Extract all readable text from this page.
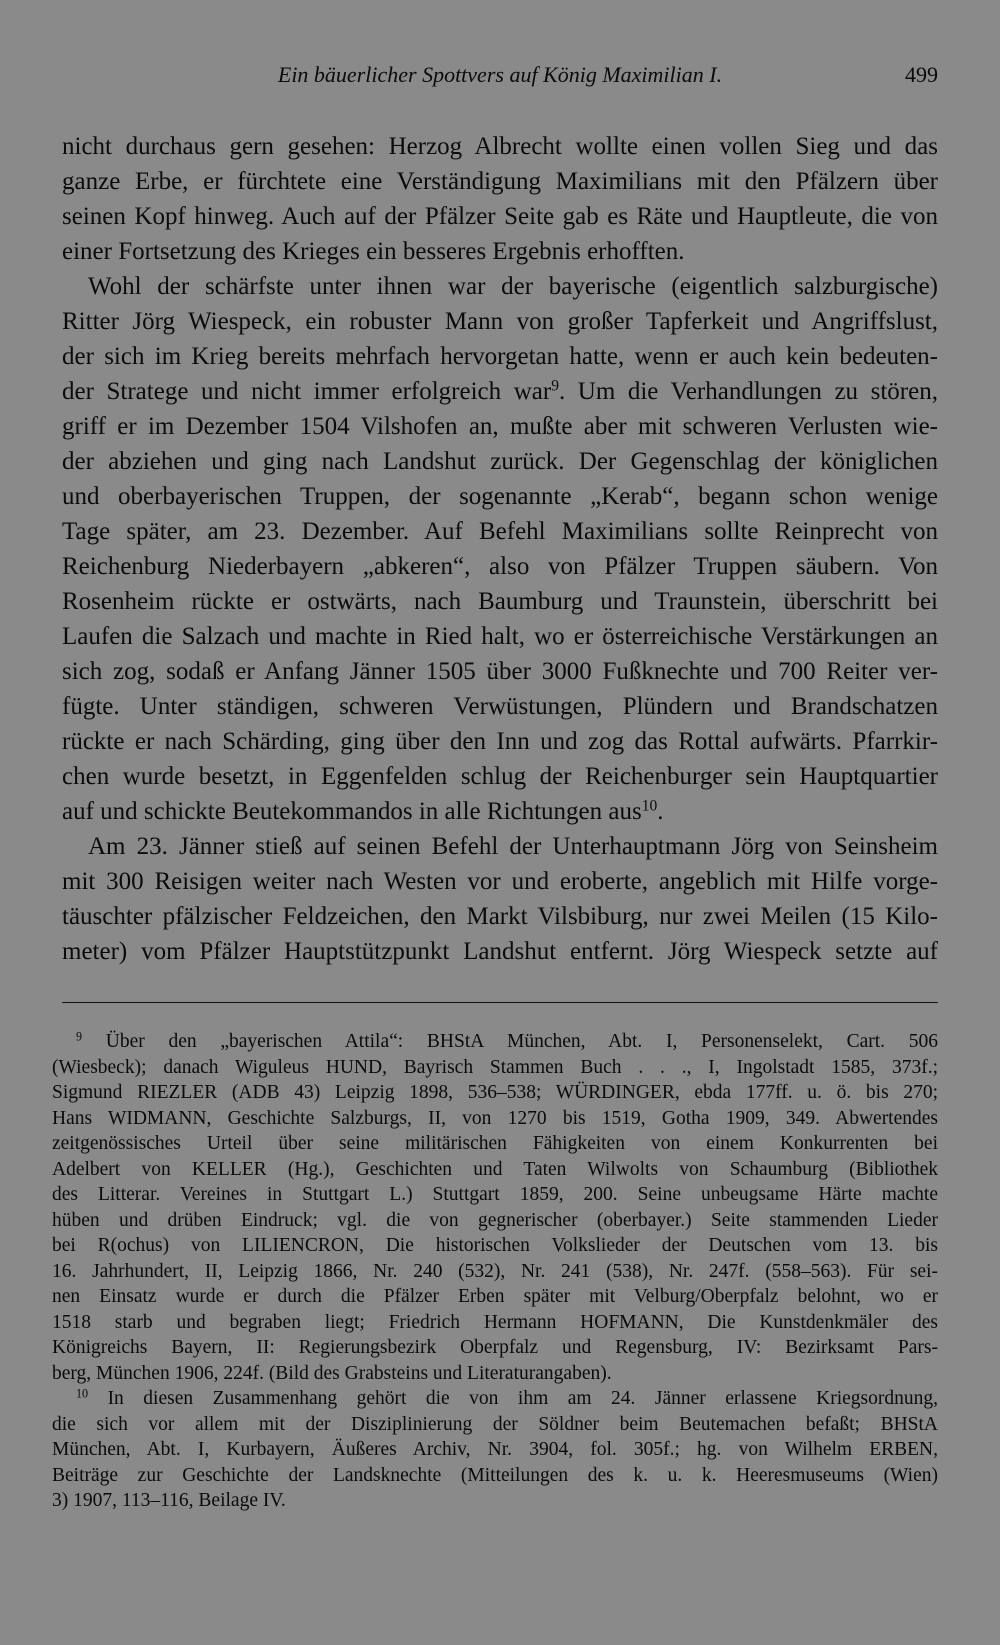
Ein bäuerlicher Spottvers auf König Maximilian I.	499
nicht durchaus gern gesehen: Herzog Albrecht wollte einen vollen Sieg und das
ganze Erbe, er fürchtete eine Verständigung Maximilians mit den Pfälzern über
seinen Kopf hinweg. Auch auf der Pfälzer Seite gab es Räte und Hauptleute, die von
einer Fortsetzung des Krieges ein besseres Ergebnis erhofften.
Wohl der schärfste unter ihnen war der bayerische (eigentlich salzburgische)
Ritter Jörg Wiespeck, ein robuster Mann von großer Tapferkeit und Angriffslust,
der sich im Krieg bereits mehrfach hervorgetan hatte, wenn er auch kein bedeuten-
der Stratege und nicht immer erfolgreich war$^9$. Um die Verhandlungen zu stören,
griff er im Dezember 1504 Vilshofen an, mußte aber mit schweren Verlusten wie-
der abziehen und ging nach Landshut zurück. Der Gegenschlag der königlichen
und oberbayerischen Truppen, der sogenannte „Kerab“, begann schon wenige
Tage später, am 23. Dezember. Auf Befehl Maximilians sollte Reinprecht von
Reichenburg Niederbayern „abkeren“, also von Pfälzer Truppen säubern. Von
Rosenheim rückte er ostwärts, nach Baumburg und Traunstein, überschritt bei
Laufen die Salzach und machte in Ried halt, wo er österreichische Verstärkungen an
sich zog, sodaß er Anfang Jänner 1505 über 3000 Fußknechte und 700 Reiter ver-
fügte. Unter ständigen, schweren Verwüstungen, Plündern und Brandschatzen
rückte er nach Schärding, ging über den Inn und zog das Rottal aufwärts. Pfarrkir-
chen wurde besetzt, in Eggenfelden schlug der Reichenburger sein Hauptquartier
auf und schickte Beutekommandos in alle Richtungen aus$^{10}$.
Am 23. Jänner stieß auf seinen Befehl der Unterhauptmann Jörg von Seinsheim
mit 300 Reisigen weiter nach Westen vor und eroberte, angeblich mit Hilfe vorge-
täuschter pfälzischer Feldzeichen, den Markt Vilsbiburg, nur zwei Meilen (15 Kilo-
meter) vom Pfälzer Hauptstützpunkt Landshut entfernt. Jörg Wiespeck setzte auf
$^9$ Über den „bayerischen Attila“: BHStA München, Abt. I, Personenselekt, Cart. 506
(Wiesbeck); danach Wiguleus HUND, Bayrisch Stammen Buch . . ., I, Ingolstadt 1585, 373f.;
Sigmund RIEZLER (ADB 43) Leipzig 1898, 536–538; WÜRDINGER, ebda 177ff. u. ö. bis 270;
Hans WIDMANN, Geschichte Salzburgs, II, von 1270 bis 1519, Gotha 1909, 349. Abwertendes
zeitgenössisches Urteil über seine militärischen Fähigkeiten von einem Konkurrenten bei
Adelbert von KELLER (Hg.), Geschichten und Taten Wilwolts von Schaumburg (Bibliothek
des Litterar. Vereines in Stuttgart L.) Stuttgart 1859, 200. Seine unbeugsame Härte machte
hüben und drüben Eindruck; vgl. die von gegnerischer (oberbayer.) Seite stammenden Lieder
bei R(ochus) von LILIENCRON, Die historischen Volkslieder der Deutschen vom 13. bis
16. Jahrhundert, II, Leipzig 1866, Nr. 240 (532), Nr. 241 (538), Nr. 247f. (558–563). Für sei-
nen Einsatz wurde er durch die Pfälzer Erben später mit Velburg/Oberpfalz belohnt, wo er
1518 starb und begraben liegt; Friedrich Hermann HOFMANN, Die Kunstdenkmäler des
Königreichs Bayern, II: Regierungsbezirk Oberpfalz und Regensburg, IV: Bezirksamt Pars-
berg, München 1906, 224f. (Bild des Grabsteins und Literaturangaben).
$^{10}$ In diesen Zusammenhang gehört die von ihm am 24. Jänner erlassene Kriegsordnung,
die sich vor allem mit der Disziplinierung der Söldner beim Beutemachen befaßt; BHStA
München, Abt. I, Kurbayern, Äußeres Archiv, Nr. 3904, fol. 305f.; hg. von Wilhelm ERBEN,
Beiträge zur Geschichte der Landsknechte (Mitteilungen des k. u. k. Heeresmuseums (Wien)
3) 1907, 113–116, Beilage IV.
